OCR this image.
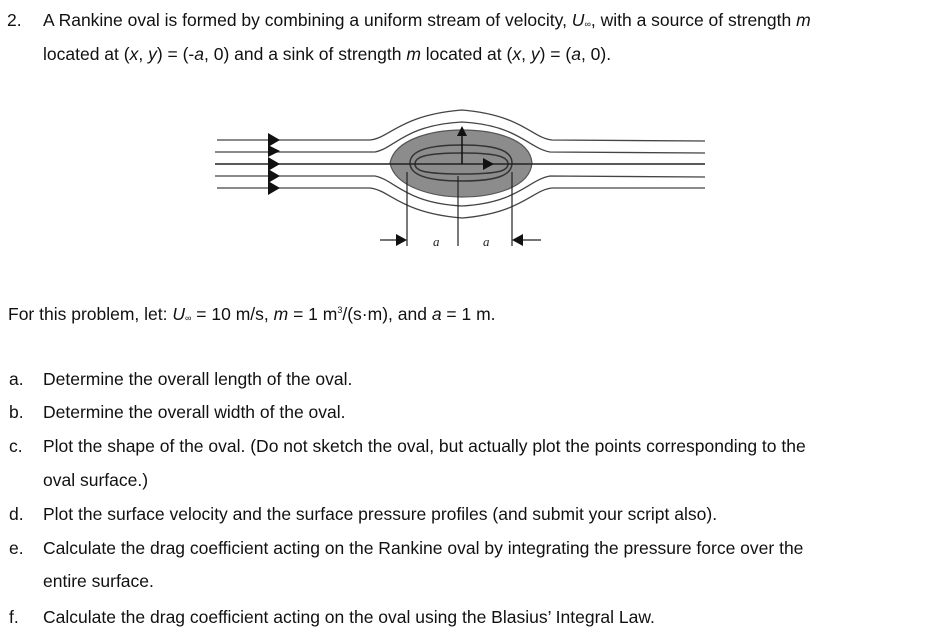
2. A Rankine oval is formed by combining a uniform stream of velocity, U∞, with a source of strength m
located at (x, y) = (-a, 0) and a sink of strength m located at (x, y) = (a, 0).
a	a
For this problem, let: U∞ = 10 m/s, m = 1 $m^3/(s\cdot m)$, and a = 1 m.
a. Determine the overall length of the oval.
b. Determine the overall width of the oval.
c. Plot the shape of the oval. (Do not sketch the oval, but actually plot the points corresponding to the
oval surface.)
d. Plot the surface velocity and the surface pressure profiles (and submit your script also).
e. Calculate the drag coefficient acting on the Rankine oval by integrating the pressure force over the
entire surface.
f. Calculate the drag coefficient acting on the oval using the Blasius’ Integral Law.
